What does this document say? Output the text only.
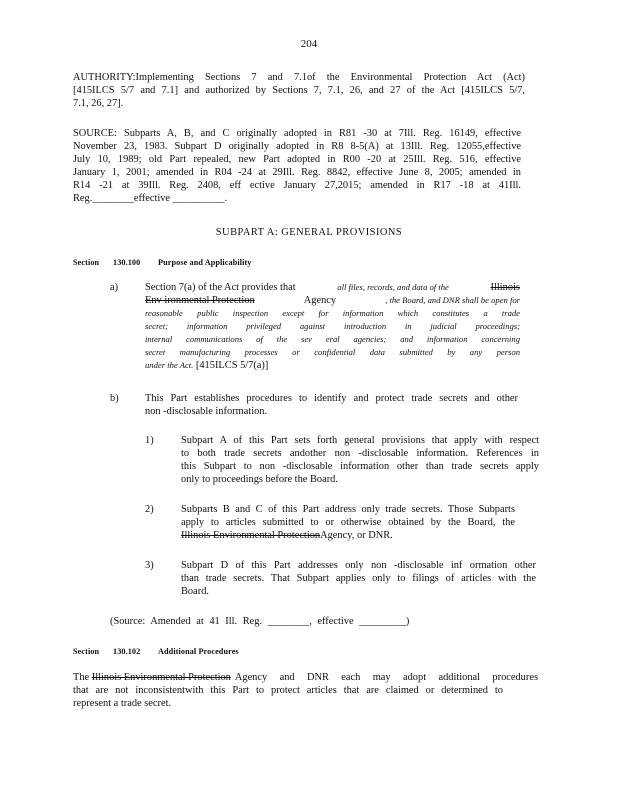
204
AUTHORITY:Implementing Sections 7 and 7.1of the Environmental Protection Act (Act)
[415ILCS 5/7 and 7.1] and authorized by Sections 7, 7.1, 26, and 27 of the Act [415ILCS 5/7,
7.1, 26, 27].
SOURCE: Subparts A, B, and C originally adopted in R81 -30 at 7Ill. Reg. 16149, effective
November 23, 1983. Subpart D originally adopted in R8 8-5(A) at 13Ill. Reg. 12055,effective
July 10, 1989; old Part repealed, new Part adopted in R00 -20 at 25Ill. Reg. 516, effective
January 1, 2001; amended in R04 -24 at 29Ill. Reg. 8842, effective June 8, 2005; amended in
R14 -21 at 39Ill. Reg. 2408, eff ective January 27,2015; amended in R17 -18 at 41Ill.
Reg.________effective __________.
SUBPART A: GENERAL PROVISIONS
Section 130.100 Purpose and Applicability
a)	Section 7(a) of the Act provides that	all files, records, and data of the	Illinois
Env ironmental Protection	Agency	, the Board, and DNR shall be open for
reasonable public inspection except for information which constitutes a trade
secret; information privileged against introduction in judicial proceedings;
internal communications of the sev eral agencies; and information concerning
secret manufacturing processes or confidential data submitted by any person
under the Act. [415ILCS 5/7(a)]
b)	This Part establishes procedures to identify and protect trade secrets and other
non -disclosable information.
1)	Subpart A of this Part sets forth general provisions that apply with respect
to both trade secrets andother non -disclosable information. References in
this Subpart to non -disclosable information other than trade secrets apply
only to proceedings before the Board.
2)	Subparts B and C of this Part address only trade secrets. Those Subparts
apply to articles submitted to or otherwise obtained by the Board, the
Illinois Environmental ProtectionAgency, or DNR.
3)	Subpart D of this Part addresses only non -disclosable inf ormation other
than trade secrets. That Subpart applies only to filings of articles with the
Board.
(Source: Amended at 41 Ill. Reg. ________, effective _________)
Section 130.102 Additional Procedures
The Illinois Environmental Protection Agency and DNR each may adopt additional procedures
that are not inconsistentwith this Part to protect articles that are claimed or determined to
represent a trade secret.
